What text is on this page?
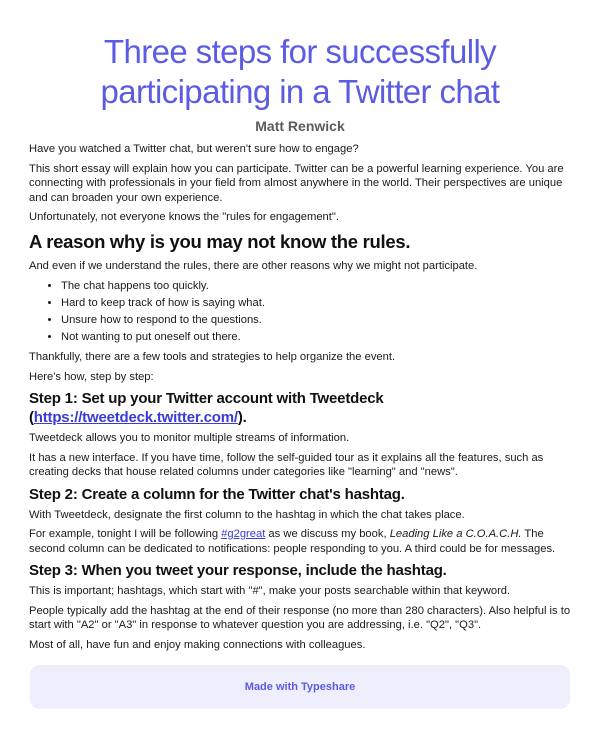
Three steps for successfully participating in a Twitter chat
Matt Renwick

Have you watched a Twitter chat, but weren't sure how to engage?

This short essay will explain how you can participate. Twitter can be a powerful learning experience. You are connecting with professionals in your field from almost anywhere in the world. Their perspectives are unique and can broaden your own experience.

Unfortunately, not everyone knows the "rules for engagement".

A reason why is you may not know the rules.

And even if we understand the rules, there are other reasons why we might not participate.

• The chat happens too quickly.
• Hard to keep track of how is saying what.
• Unsure how to respond to the questions.
• Not wanting to put oneself out there.

Thankfully, there are a few tools and strategies to help organize the event.

Here's how, step by step:

Step 1: Set up your Twitter account with Tweetdeck (https://tweetdeck.twitter.com/).

Tweetdeck allows you to monitor multiple streams of information.

It has a new interface. If you have time, follow the self-guided tour as it explains all the features, such as creating decks that house related columns under categories like "learning" and "news".

Step 2: Create a column for the Twitter chat's hashtag.

With Tweetdeck, designate the first column to the hashtag in which the chat takes place.

For example, tonight I will be following #g2great as we discuss my book, Leading Like a C.O.A.C.H. The second column can be dedicated to notifications: people responding to you. A third could be for messages.

Step 3: When you tweet your response, include the hashtag.

This is important; hashtags, which start with "#", make your posts searchable within that keyword.

People typically add the hashtag at the end of their response (no more than 280 characters). Also helpful is to start with "A2" or "A3" in response to whatever question you are addressing, i.e. "Q2", "Q3".

Most of all, have fun and enjoy making connections with colleagues.

Made with Typeshare
